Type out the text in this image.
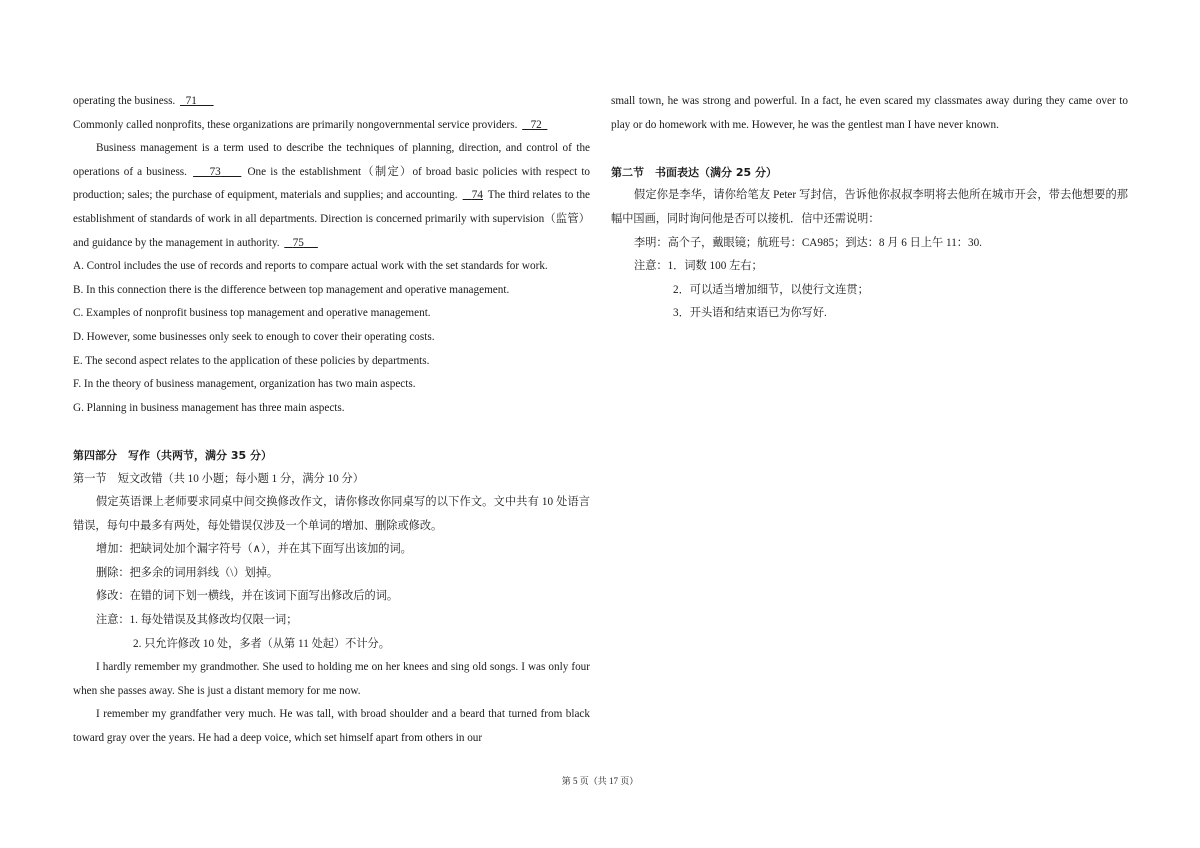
operating the business. 71

Commonly called nonprofits, these organizations are primarily nongovernmental service providers. 72

Business management is a term used to describe the techniques of planning, direction, and control of the operations of a business. 73 One is the establishment（制定）of broad basic policies with respect to production; sales; the purchase of equipment, materials and supplies; and accounting. 74 The third relates to the establishment of standards of work in all departments. Direction is concerned primarily with supervision（监管）and guidance by the management in authority. 75

A. Control includes the use of records and reports to compare actual work with the set standards for work.

B. In this connection there is the difference between top management and operative management.

C. Examples of nonprofit business top management and operative management.

D. However, some businesses only seek to enough to cover their operating costs.

E. The second aspect relates to the application of these policies by departments.

F. In the theory of business management, organization has two main aspects.

G. Planning in business management has three main aspects.

第四部分　写作（共两节，满分 35 分）

第一节　短文改错（共 10 小题；每小题 1 分，满分 10 分）

假定英语课上老师要求同桌中间交换修改作文，请你修改你同桌写的以下作文。文中共有 10 处语言错误，每句中最多有两处，每处错误仅涉及一个单词的增加、删除或修改。

增加：把缺词处加个漏字符号（∧），并在其下面写出该加的词。

删除：把多余的词用斜线（\）划掉。

修改：在错的词下划一横线，并在该词下面写出修改后的词。

注意：1. 每处错误及其修改均仅限一词；

2. 只允许修改 10 处，多者（从第 11 处起）不计分。

I hardly remember my grandmother. She used to holding me on her knees and sing old songs. I was only four when she passes away. She is just a distant memory for me now.

I remember my grandfather very much. He was tall, with broad shoulder and a beard that turned from black toward gray over the years. He had a deep voice, which set himself apart from others in our

small town, he was strong and powerful. In a fact, he even scared my classmates away during they came over to play or do homework with me. However, he was the gentlest man I have never known.

第二节　书面表达（满分 25 分）

假定你是李华，请你给笔友 Peter 写封信，告诉他你叔叔李明将去他所在城市开会，带去他想要的那幅中国画，同时询问他是否可以接机．信中还需说明：

李明：高个子，戴眼镜；航班号：CA985；到达：8 月 6 日上午 11：30.

注意：1．词数 100 左右；

2．可以适当增加细节，以使行文连贯；

3．开头语和结束语已为你写好.

第 5 页（共 17 页）
